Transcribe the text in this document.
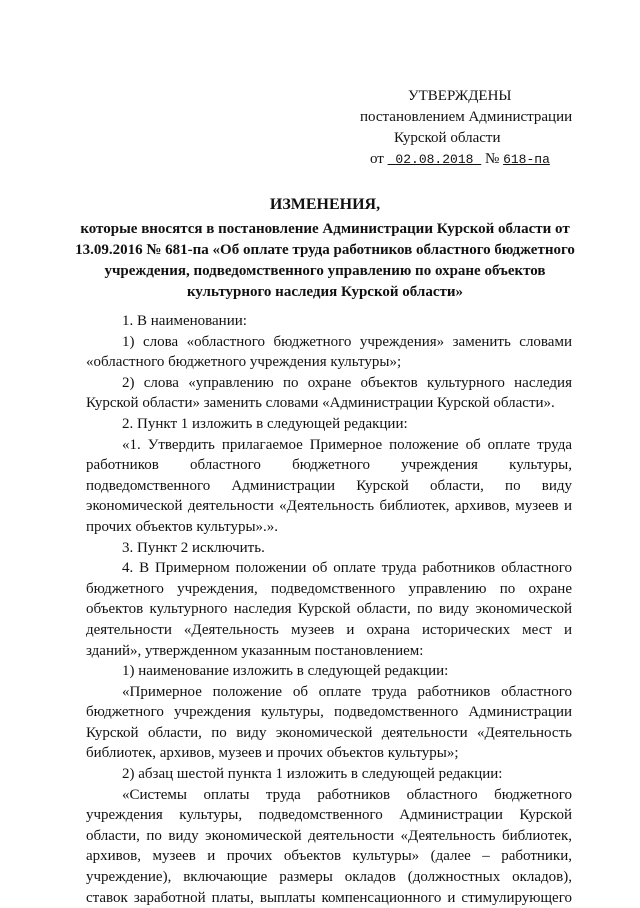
УТВЕРЖДЕНЫ
постановлением Администрации
Курской области
от 02.08.2018 № 618-па
ИЗМЕНЕНИЯ,
которые вносятся в постановление Администрации Курской области от 13.09.2016 № 681-па «Об оплате труда работников областного бюджетного учреждения, подведомственного управлению по охране объектов культурного наследия Курской области»

1. В наименовании:

1) слова «областного бюджетного учреждения» заменить словами «областного бюджетного учреждения культуры»;

2) слова «управлению по охране объектов культурного наследия Курской области» заменить словами «Администрации Курской области».

2. Пункт 1 изложить в следующей редакции:

«1. Утвердить прилагаемое Примерное положение об оплате труда работников областного бюджетного учреждения культуры, подведомственного Администрации Курской области, по виду экономической деятельности «Деятельность библиотек, архивов, музеев и прочих объектов культуры».».

3. Пункт 2 исключить.

4. В Примерном положении об оплате труда работников областного бюджетного учреждения, подведомственного управлению по охране объектов культурного наследия Курской области, по виду экономической деятельности «Деятельность музеев и охрана исторических мест и зданий», утвержденном указанным постановлением:

1) наименование изложить в следующей редакции:

«Примерное положение об оплате труда работников областного бюджетного учреждения культуры, подведомственного Администрации Курской области, по виду экономической деятельности «Деятельность библиотек, архивов, музеев и прочих объектов культуры»;

2) абзац шестой пункта 1 изложить в следующей редакции:

«Системы оплаты труда работников областного бюджетного учреждения культуры, подведомственного Администрации Курской области, по виду экономической деятельности «Деятельность библиотек, архивов, музеев и прочих объектов культуры» (далее – работники, учреждение), включающие размеры окладов (должностных окладов), ставок заработной платы, выплаты компенсационного и стимулирующего
